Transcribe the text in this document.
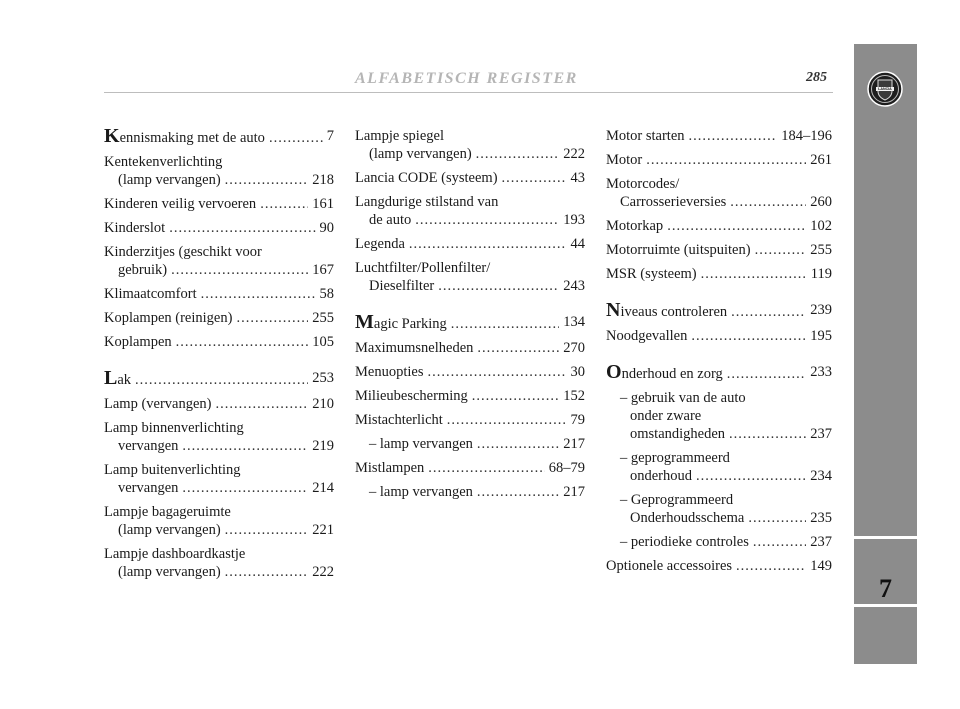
ALFABETISCH REGISTER	285
LANCIA
7
Kennismaking met de auto .....	7
Kentekenverlichting
(lamp vervangen) .....	218
Kinderen veilig vervoeren .....	161
Kinderslot .....	90
Kinderzitjes (geschikt voor
gebruik) .....	167
Klimaatcomfort .....	58
Koplampen (reinigen) .....	255
Koplampen .....	105
Lak .....	253
Lamp (vervangen) .....	210
Lamp binnenverlichting
vervangen .....	219
Lamp buitenverlichting
vervangen .....	214
Lampje bagageruimte
(lamp vervangen) .....	221
Lampje dashboardkastje
(lamp vervangen) .....	222
Lampje spiegel
(lamp vervangen) .....	222
Lancia CODE (systeem) .....	43
Langdurige stilstand van
de auto .....	193
Legenda .....	44
Luchtfilter/Pollenfilter/
Dieselfilter .....	243
Magic Parking .....	134
Maximumsnelheden .....	270
Menuopties .....	30
Milieubescherming .....	152
Mistachterlicht .....	79
– lamp vervangen .....	217
Mistlampen .....	68–79
– lamp vervangen .....	217
Motor starten .....	184–196
Motor .....	261
Motorcodes/
Carrosserieversies .....	260
Motorkap .....	102
Motorruimte (uitspuiten) .....	255
MSR (systeem) .....	119
Niveaus controleren .....	239
Noodgevallen .....	195
Onderhoud en zorg .....	233
– gebruik van de auto
onder zware
omstandigheden .....	237
– geprogrammeerd
onderhoud .....	234
– Geprogrammeerd
Onderhoudsschema .....	235
– periodieke controles .....	237
Optionele accessoires .....	149
